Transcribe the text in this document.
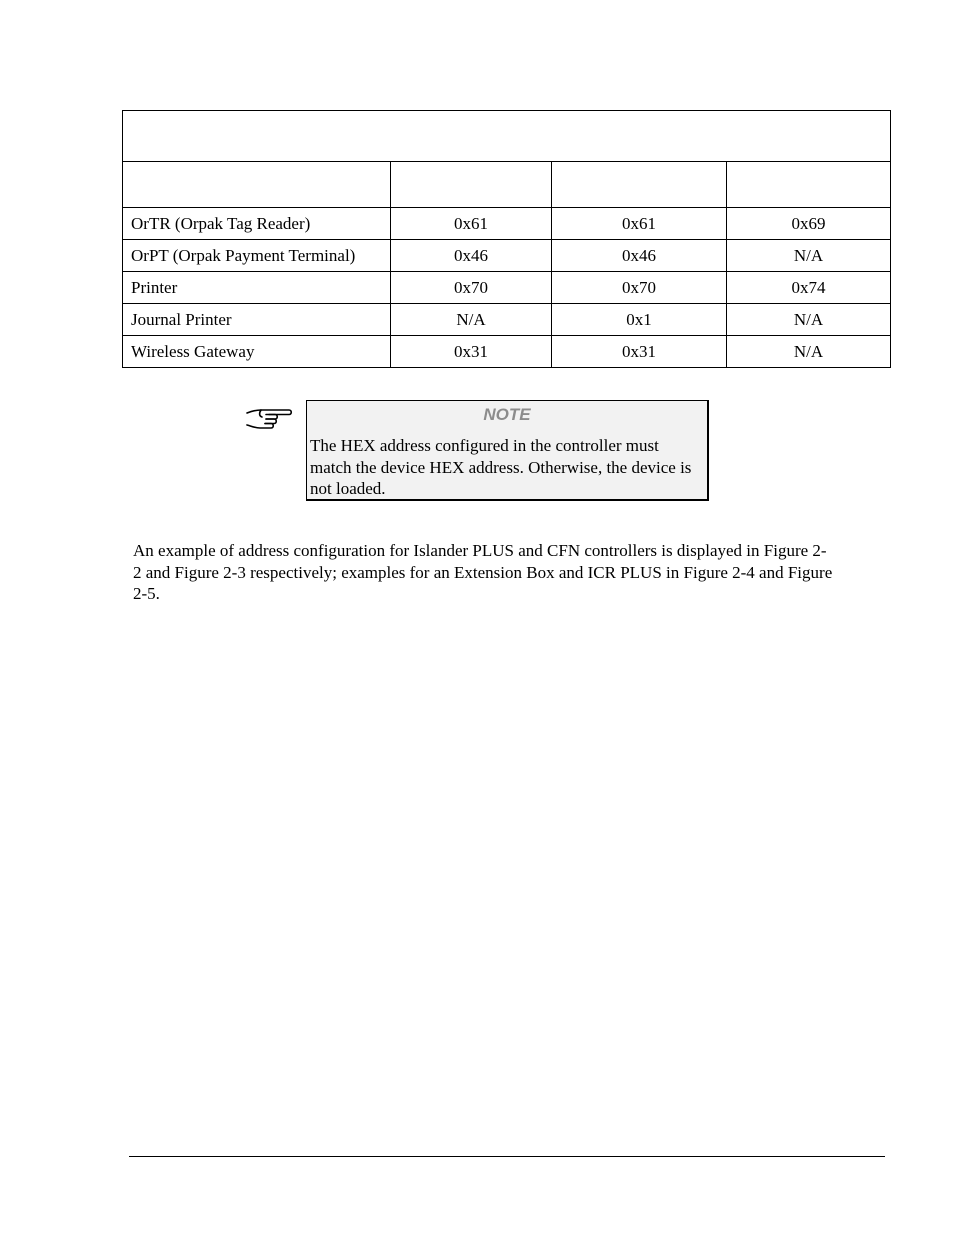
OrTR (Orpak Tag Reader)	0x61	0x61	0x69
OrPT (Orpak Payment Terminal)	0x46	0x46	N/A
Printer	0x70	0x70	0x74
Journal Printer	N/A	0x1	N/A
Wireless Gateway	0x31	0x31	N/A
NOTE
The HEX address configured in the controller must match the device HEX address. Otherwise, the device is not loaded.

An example of address configuration for Islander PLUS and CFN controllers is displayed in Figure 2-2 and Figure 2-3 respectively; examples for an Extension Box and ICR PLUS in Figure 2-4 and Figure 2-5.
